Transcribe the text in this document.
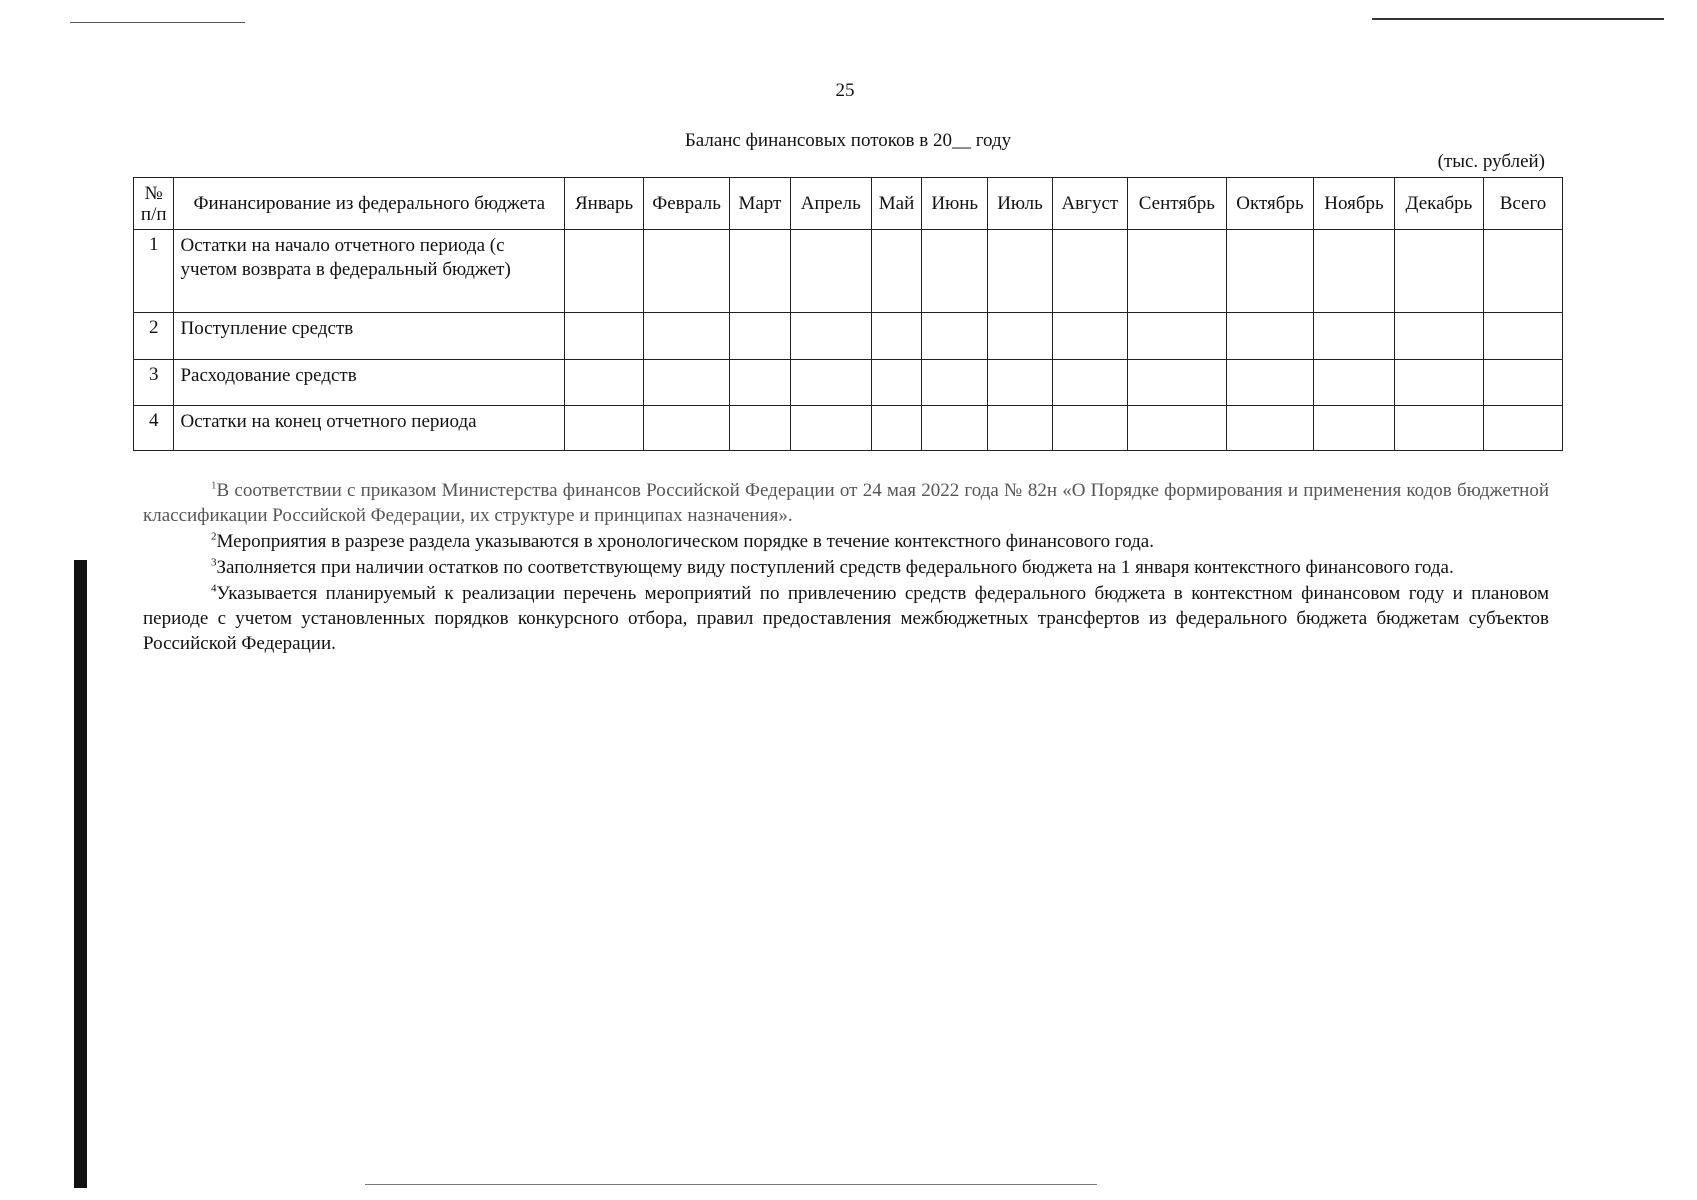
25
Баланс финансовых потоков в 20__ году
(тыс. рублей)
№ п/п	Финансирование из федерального бюджета	Январь	Февраль	Март	Апрель	Май	Июнь	Июль	Август	Сентябрь	Октябрь	Ноябрь	Декабрь	Всего
1	Остатки на начало отчетного периода (с учетом возврата в федеральный бюджет)													
2	Поступление средств													
3	Расходование средств													
4	Остатки на конец отчетного периода													

$^1$В соответствии с приказом Министерства финансов Российской Федерации от 24 мая 2022 года № 82н «О Порядке формирования и применения кодов бюджетной классификации Российской Федерации, их структуре и принципах назначения».

$^2$Мероприятия в разрезе раздела указываются в хронологическом порядке в течение контекстного финансового года.

$^3$Заполняется при наличии остатков по соответствующему виду поступлений средств федерального бюджета на 1 января контекстного финансового года.

$^4$Указывается планируемый к реализации перечень мероприятий по привлечению средств федерального бюджета в контекстном финансовом году и плановом периоде с учетом установленных порядков конкурсного отбора, правил предоставления межбюджетных трансфертов из федерального бюджета бюджетам субъектов Российской Федерации.
